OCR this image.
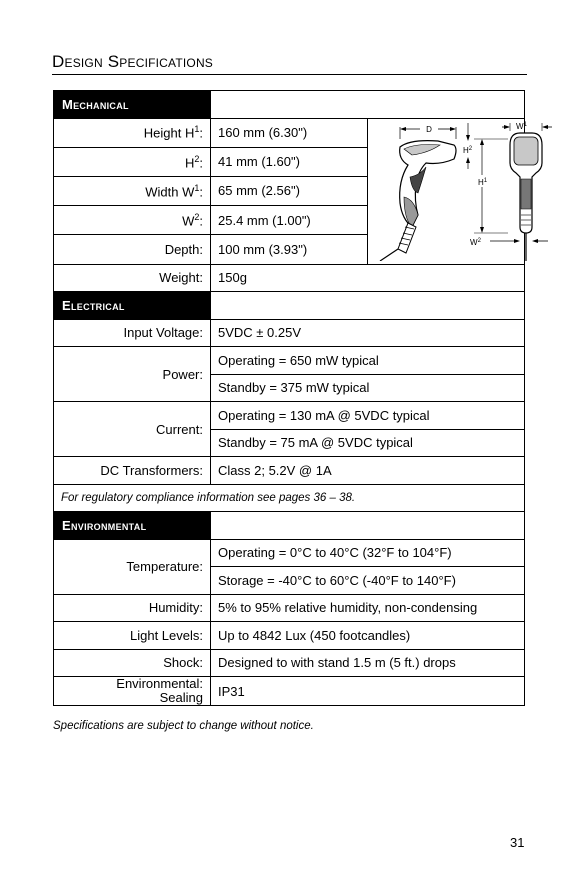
Design Specifications
Mechanical		
Height $H^1$:	160 mm (6.30")	D
$H^2$
$H^1$
$W^1$
$W^2$

$H^2$:	41 mm (1.60")	
Width $W^1$:	65 mm (2.56")	
$W^2$:	25.4 mm (1.00")	
Depth:	100 mm (3.93")	
Weight:	150g	
Electrical		
Input Voltage:	5VDC ± 0.25V	
Power:	Operating = 650 mW typical	
	Standby = 375 mW typical	
Current:	Operating = 130 mA @ 5VDC typical	
	Standby = 75 mA @ 5VDC typical	
DC Transformers:	Class 2; 5.2V @ 1A	
For regulatory compliance information see pages 36 – 38.		
Environmental		
Temperature:	Operating = 0°C to 40°C (32°F to 104°F)	
	Storage = -40°C to 60°C (-40°F to 140°F)	
Humidity:	5% to 95% relative humidity, non-condensing	
Light Levels:	Up to 4842 Lux (450 footcandles)	
Shock:	Designed to with stand 1.5 m (5 ft.) drops	
Environmental:
Sealing	IP31	
Specifications are subject to change without notice.
31
